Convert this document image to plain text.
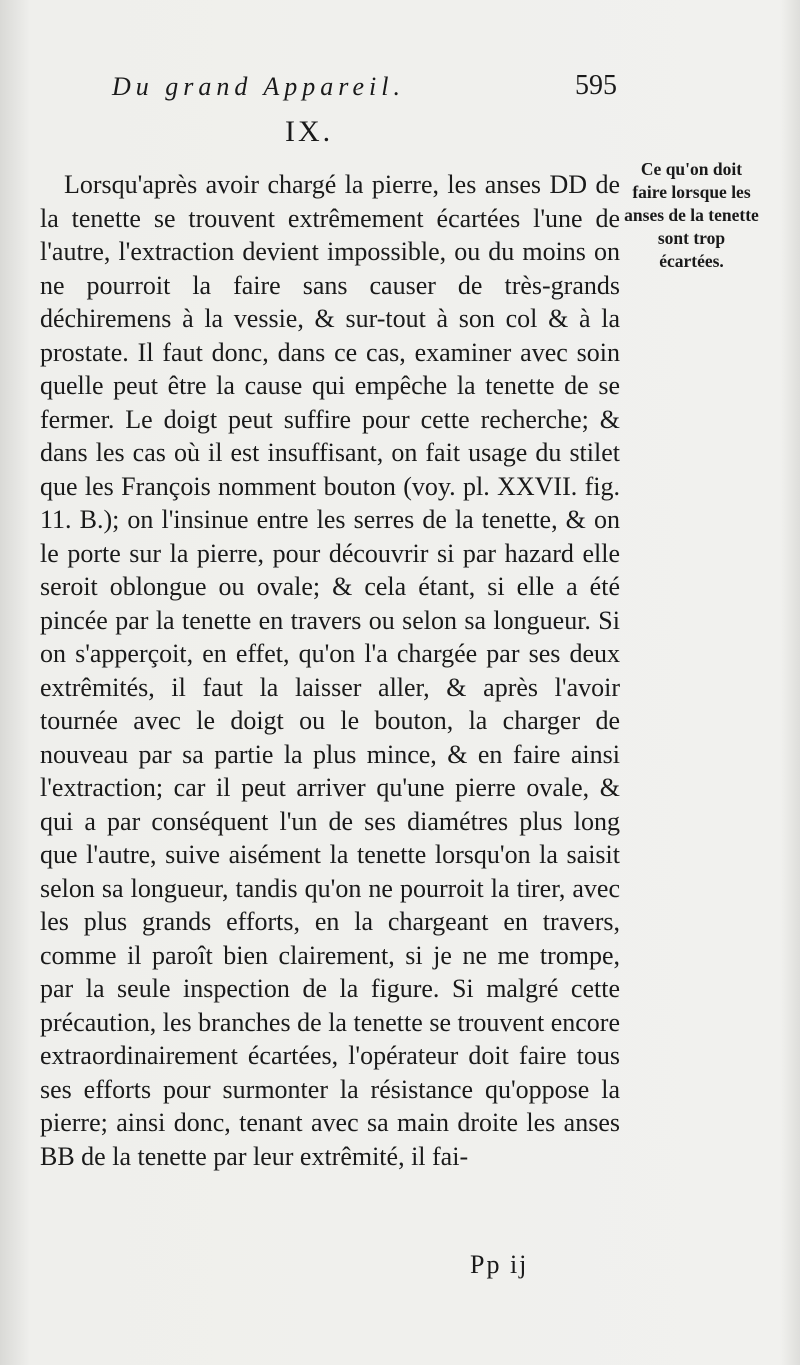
Du grand Appareil.	595
IX.

Lorsqu'après avoir chargé la pierre, les anses DD de la tenette se trouvent extrêmement écartées l'une de l'autre, l'extraction devient impossible, ou du moins on ne pourroit la faire sans causer de très-grands déchiremens à la vessie, & sur-tout à son col & à la prostate. Il faut donc, dans ce cas, examiner avec soin quelle peut être la cause qui empêche la tenette de se fermer. Le doigt peut suffire pour cette recherche; & dans les cas où il est insuffisant, on fait usage du stilet que les François nomment bouton (voy. pl. XXVII. fig. 11. B.); on l'insinue entre les serres de la tenette, & on le porte sur la pierre, pour découvrir si par hazard elle seroit oblongue ou ovale; & cela étant, si elle a été pincée par la tenette en travers ou selon sa longueur. Si on s'apperçoit, en effet, qu'on l'a chargée par ses deux extrêmités, il faut la laisser aller, & après l'avoir tournée avec le doigt ou le bouton, la charger de nouveau par sa partie la plus mince, & en faire ainsi l'extraction; car il peut arriver qu'une pierre ovale, & qui a par conséquent l'un de ses diamétres plus long que l'autre, suive aisément la tenette lorsqu'on la saisit selon sa longueur, tandis qu'on ne pourroit la tirer, avec les plus grands efforts, en la chargeant en travers, comme il paroît bien clairement, si je ne me trompe, par la seule inspection de la figure. Si malgré cette précaution, les branches de la tenette se trouvent encore extraordinairement écartées, l'opérateur doit faire tous ses efforts pour surmonter la résistance qu'oppose la pierre; ainsi donc, tenant avec sa main droite les anses BB de la tenette par leur extrêmité, il fai-

Ce qu'on doit faire lorsque les anses de la tenette sont trop écartées.
Pp ij
